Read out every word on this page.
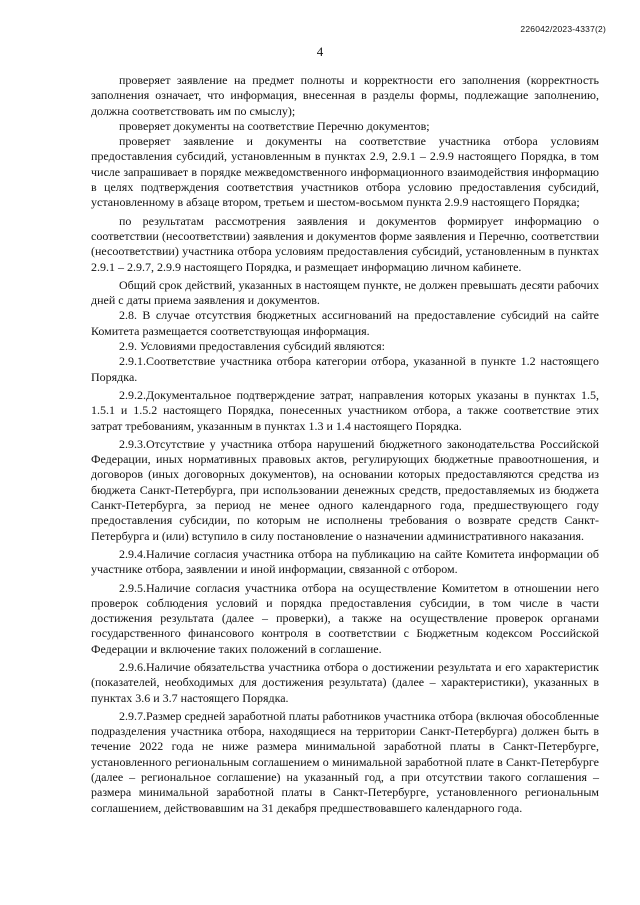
226042/2023-4337(2)
4

проверяет заявление на предмет полноты и корректности его заполнения (корректность заполнения означает, что информация, внесенная в разделы формы, подлежащие заполнению, должна соответствовать им по смыслу);

проверяет документы на соответствие Перечню документов;

проверяет заявление и документы на соответствие участника отбора условиям предоставления субсидий, установленным в пунктах 2.9, 2.9.1 – 2.9.9 настоящего Порядка, в том числе запрашивает в порядке межведомственного информационного взаимодействия информацию в целях подтверждения соответствия участников отбора условию предоставления субсидий, установленному в абзаце втором, третьем и шестом-восьмом пункта 2.9.9 настоящего Порядка;

по результатам рассмотрения заявления и документов формирует информацию о соответствии (несоответствии) заявления и документов форме заявления и Перечню, соответствии (несоответствии) участника отбора условиям предоставления субсидий, установленным в пунктах 2.9.1 – 2.9.7, 2.9.9 настоящего Порядка, и размещает информацию личном кабинете.

Общий срок действий, указанных в настоящем пункте, не должен превышать десяти рабочих дней с даты приема заявления и документов.

2.8. В случае отсутствия бюджетных ассигнований на предоставление субсидий на сайте Комитета размещается соответствующая информация.

2.9. Условиями предоставления субсидий являются:

2.9.1.Соответствие участника отбора категории отбора, указанной в пункте 1.2 настоящего Порядка.

2.9.2.Документальное подтверждение затрат, направления которых указаны в пунктах 1.5, 1.5.1 и 1.5.2 настоящего Порядка, понесенных участником отбора, а также соответствие этих затрат требованиям, указанным в пунктах 1.3 и 1.4 настоящего Порядка.

2.9.3.Отсутствие у участника отбора нарушений бюджетного законодательства Российской Федерации, иных нормативных правовых актов, регулирующих бюджетные правоотношения, и договоров (иных договорных документов), на основании которых предоставляются средства из бюджета Санкт-Петербурга, при использовании денежных средств, предоставляемых из бюджета Санкт-Петербурга, за период не менее одного календарного года, предшествующего году предоставления субсидии, по которым не исполнены требования о возврате средств Санкт-Петербурга и (или) вступило в силу постановление о назначении административного наказания.

2.9.4.Наличие согласия участника отбора на публикацию на сайте Комитета информации об участнике отбора, заявлении и иной информации, связанной с отбором.

2.9.5.Наличие согласия участника отбора на осуществление Комитетом в отношении него проверок соблюдения условий и порядка предоставления субсидии, в том числе в части достижения результата (далее – проверки), а также на осуществление проверок органами государственного финансового контроля в соответствии с Бюджетным кодексом Российской Федерации и включение таких положений в соглашение.

2.9.6.Наличие обязательства участника отбора о достижении результата и его характеристик (показателей, необходимых для достижения результата) (далее – характеристики), указанных в пунктах 3.6 и 3.7 настоящего Порядка.

2.9.7.Размер средней заработной платы работников участника отбора (включая обособленные подразделения участника отбора, находящиеся на территории Санкт-Петербурга) должен быть в течение 2022 года не ниже размера минимальной заработной платы в Санкт-Петербурге, установленного региональным соглашением о минимальной заработной плате в Санкт-Петербурге (далее – региональное соглашение) на указанный год, а при отсутствии такого соглашения – размера минимальной заработной платы в Санкт-Петербурге, установленного региональным соглашением, действовавшим на 31 декабря предшествовавшего календарного года.
